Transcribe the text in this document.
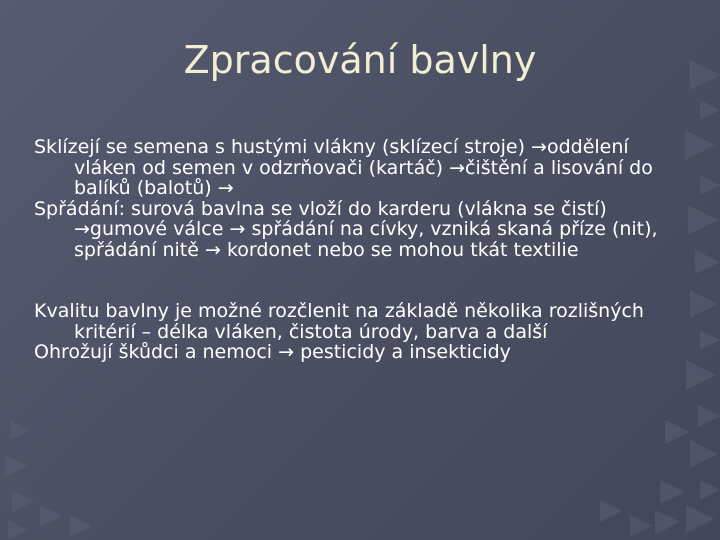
Zpracování bavlny

Sklízejí se semena s hustými vlákny (sklízecí stroje) →oddělení vláken od semen v odzrňovači (kartáč) →čištění a lisování do balíků (balotů) →

Spřádání: surová bavlna se vloží do karderu (vlákna se čistí) →gumové válce → spřádání na cívky, vzniká skaná příze (nit), spřádání nitě → kordonet nebo se mohou tkát textilie

Kvalitu bavlny je možné rozčlenit na základě několika rozlišných kritérií – délka vláken, čistota úrody, barva a další

Ohrožují škůdci a nemoci → pesticidy a insekticidy
